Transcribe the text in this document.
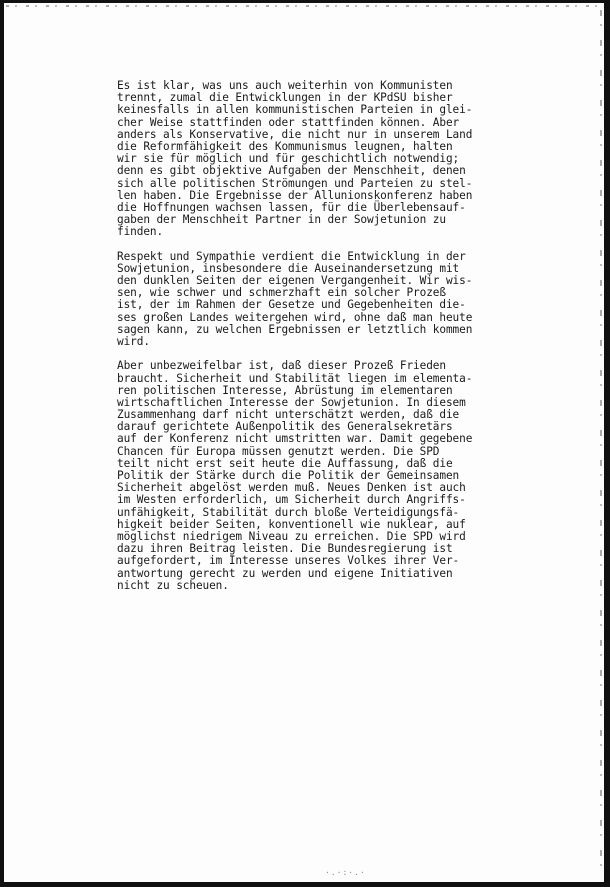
Es ist klar, was uns auch weiterhin von Kommunisten
trennt, zumal die Entwicklungen in der KPdSU bisher
keinesfalls in allen kommunistischen Parteien in glei-
cher Weise stattfinden oder stattfinden können. Aber
anders als Konservative, die nicht nur in unserem Land
die Reformfähigkeit des Kommunismus leugnen, halten
wir sie für möglich und für geschichtlich notwendig;
denn es gibt objektive Aufgaben der Menschheit, denen
sich alle politischen Strömungen und Parteien zu stel-
len haben. Die Ergebnisse der Allunionskonferenz haben
die Hoffnungen wachsen lassen, für die Überlebensauf-
gaben der Menschheit Partner in der Sowjetunion zu
finden.
Respekt und Sympathie verdient die Entwicklung in der
Sowjetunion, insbesondere die Auseinandersetzung mit
den dunklen Seiten der eigenen Vergangenheit. Wir wis-
sen, wie schwer und schmerzhaft ein solcher Prozeß
ist, der im Rahmen der Gesetze und Gegebenheiten die-
ses großen Landes weitergehen wird, ohne daß man heute
sagen kann, zu welchen Ergebnissen er letztlich kommen
wird.
Aber unbezweifelbar ist, daß dieser Prozeß Frieden
braucht. Sicherheit und Stabilität liegen im elementa-
ren politischen Interesse, Abrüstung im elementaren
wirtschaftlichen Interesse der Sowjetunion. In diesem
Zusammenhang darf nicht unterschätzt werden, daß die
darauf gerichtete Außenpolitik des Generalsekretärs
auf der Konferenz nicht umstritten war. Damit gegebene
Chancen für Europa müssen genutzt werden. Die SPD
teilt nicht erst seit heute die Auffassung, daß die
Politik der Stärke durch die Politik der Gemeinsamen
Sicherheit abgelöst werden muß. Neues Denken ist auch
im Westen erforderlich, um Sicherheit durch Angriffs-
unfähigkeit, Stabilität durch bloße Verteidigungsfä-
higkeit beider Seiten, konventionell wie nuklear, auf
möglichst niedrigem Niveau zu erreichen. Die SPD wird
dazu ihren Beitrag leisten. Die Bundesregierung ist
aufgefordert, im Interesse unseres Volkes ihrer Ver-
antwortung gerecht zu werden und eigene Initiativen
nicht zu scheuen.
·.·:·.·
